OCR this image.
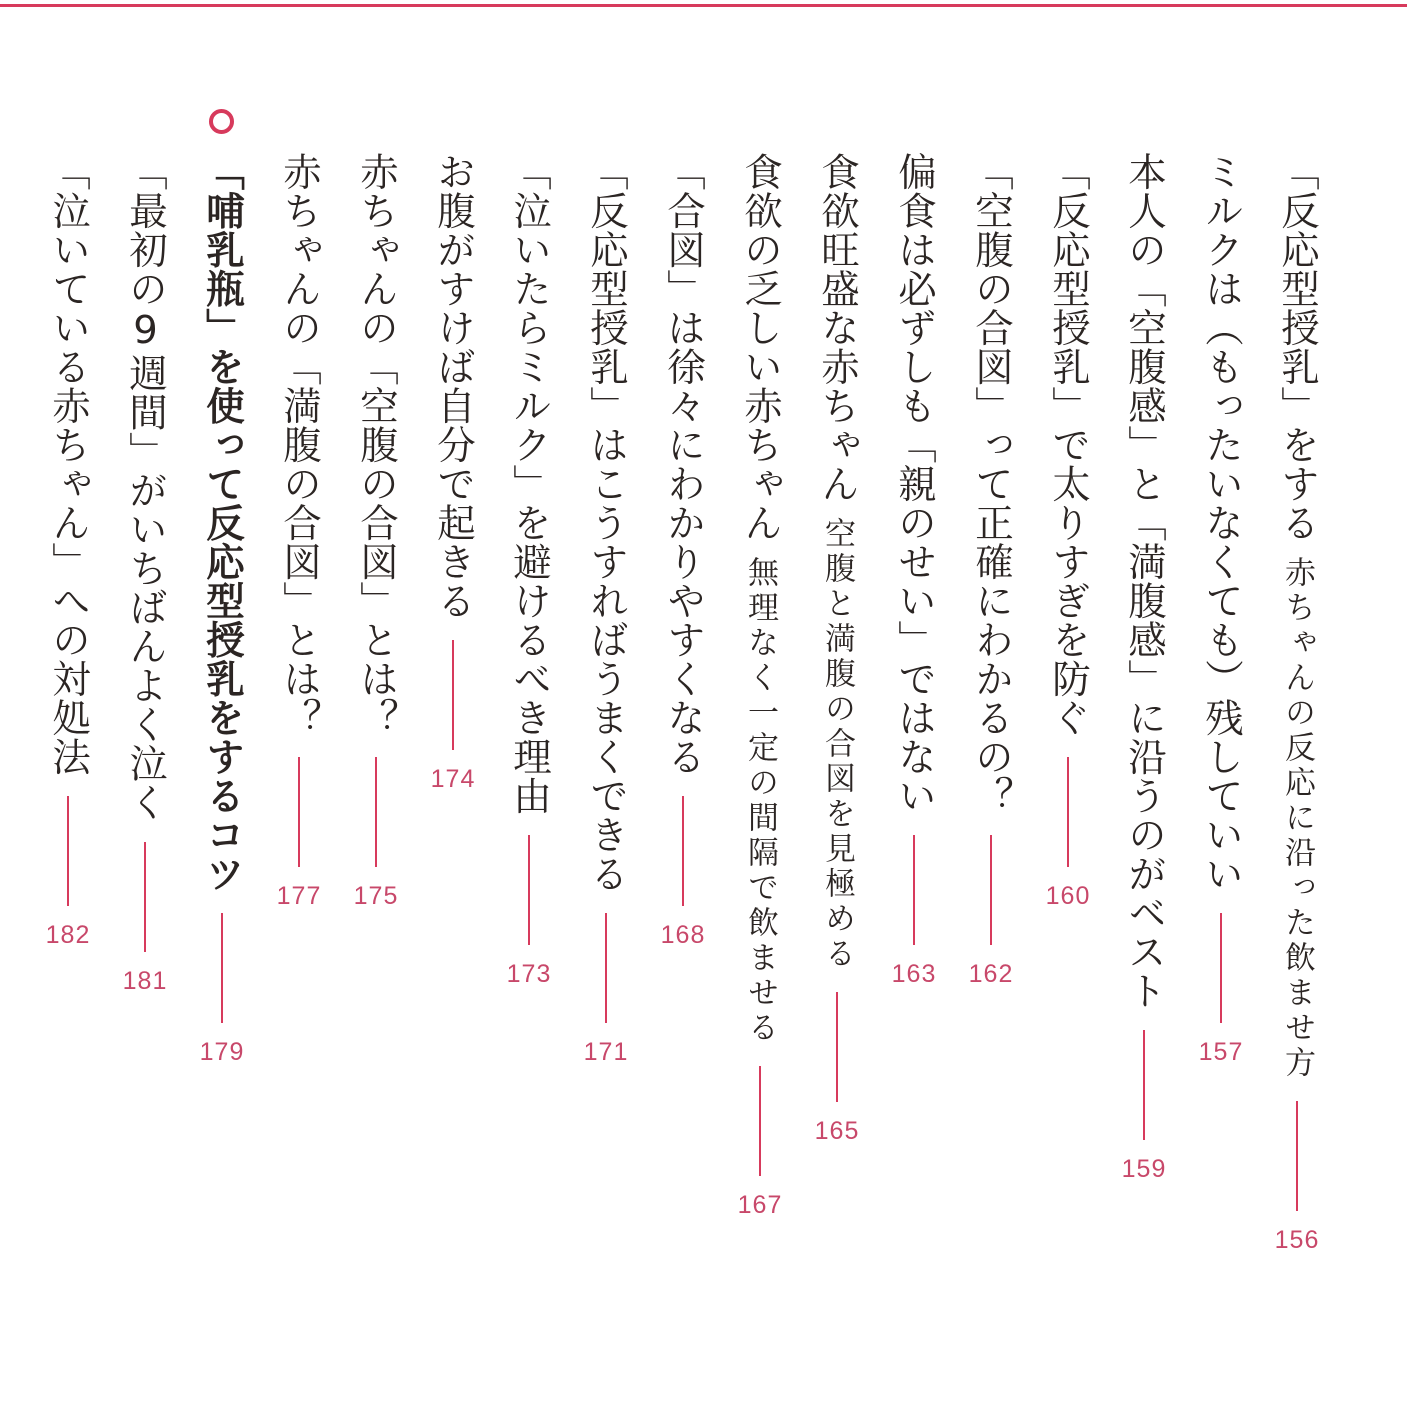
「反応型授乳」をする
赤ちゃんの反応に沿った飲ませ方
156
ミルクは（もったいなくても）残していい
157
本人の「空腹感」と「満腹感」に沿うのがベスト
159
「反応型授乳」で太りすぎを防ぐ
160
「空腹の合図」って正確にわかるの？
162
偏食は必ずしも「親のせい」ではない
163
食欲旺盛な赤ちゃん
空腹と満腹の合図を見極める
165
食欲の乏しい赤ちゃん
無理なく一定の間隔で飲ませる
167
「合図」は徐々にわかりやすくなる
168
「反応型授乳」はこうすればうまくできる
171
「泣いたらミルク」を避けるべき理由
173
お腹がすけば自分で起きる
174
赤ちゃんの「空腹の合図」とは？
175
赤ちゃんの「満腹の合図」とは？
177
「哺乳瓶」を使って反応型授乳をするコツ
179
「最初の9週間」がいちばんよく泣く
181
「泣いている赤ちゃん」への対処法
182
